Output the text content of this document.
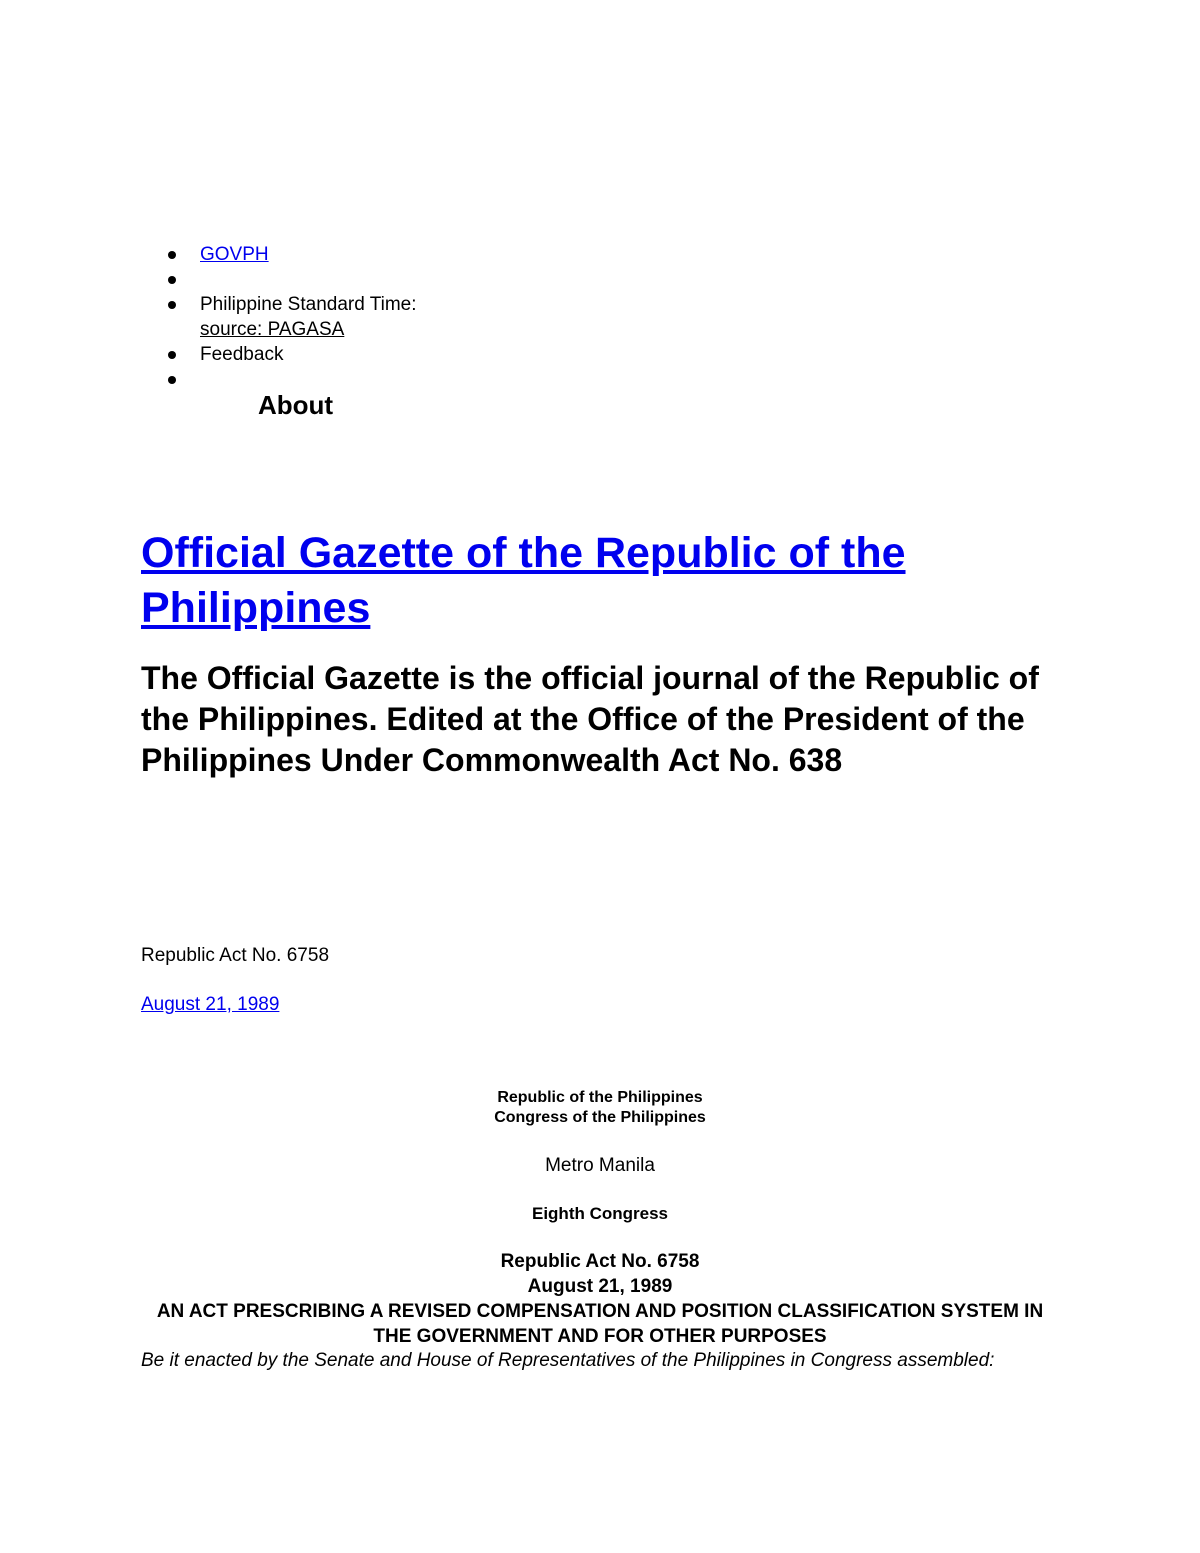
GOVPH
Philippine Standard Time:
source: PAGASA
Feedback

About

Official Gazette of the Republic of the Philippines
The Official Gazette is the official journal of the Republic of the Philippines. Edited at the Office of the President of the Philippines Under Commonwealth Act No. 638

Republic Act No. 6758

August 21, 1989

Republic of the Philippines
Congress of the Philippines

Metro Manila

Eighth Congress

Republic Act No. 6758
August 21, 1989
AN ACT PRESCRIBING A REVISED COMPENSATION AND POSITION CLASSIFICATION SYSTEM IN THE GOVERNMENT AND FOR OTHER PURPOSES

Be it enacted by the Senate and House of Representatives of the Philippines in Congress assembled:
